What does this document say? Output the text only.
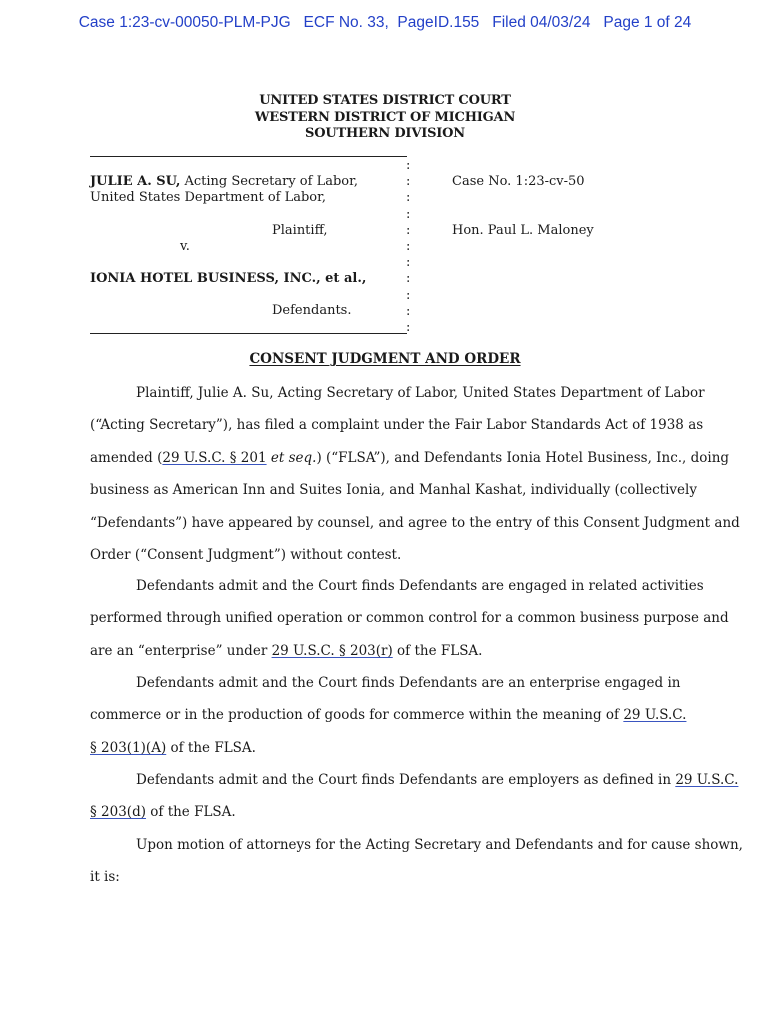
Case 1:23-cv-00050-PLM-PJG   ECF No. 33,  PageID.155   Filed 04/03/24   Page 1 of 24
UNITED STATES DISTRICT COURT
WESTERN DISTRICT OF MICHIGAN
SOUTHERN DIVISION
:
:
:
:
:
:
:
:
:
:
:
JULIE A. SU, Acting Secretary of Labor,
United States Department of Labor,
Plaintiff,
v.
IONIA HOTEL BUSINESS, INC., et al.,
Defendants.
Case No. 1:23-cv-50
Hon. Paul L. Maloney
CONSENT JUDGMENT AND ORDER
Plaintiff, Julie A. Su, Acting Secretary of Labor, United States Department of Labor
(“Acting Secretary”), has filed a complaint under the Fair Labor Standards Act of 1938 as
amended (29 U.S.C. § 201 et seq.) (“FLSA”), and Defendants Ionia Hotel Business, Inc., doing
business as American Inn and Suites Ionia, and Manhal Kashat, individually (collectively
“Defendants”) have appeared by counsel, and agree to the entry of this Consent Judgment and
Order (“Consent Judgment”) without contest.
Defendants admit and the Court finds Defendants are engaged in related activities
performed through unified operation or common control for a common business purpose and
are an “enterprise” under 29 U.S.C. § 203(r) of the FLSA.
Defendants admit and the Court finds Defendants are an enterprise engaged in
commerce or in the production of goods for commerce within the meaning of 29 U.S.C.
§ 203(1)(A) of the FLSA.
Defendants admit and the Court finds Defendants are employers as defined in 29 U.S.C.
§ 203(d) of the FLSA.
Upon motion of attorneys for the Acting Secretary and Defendants and for cause shown,
it is:
